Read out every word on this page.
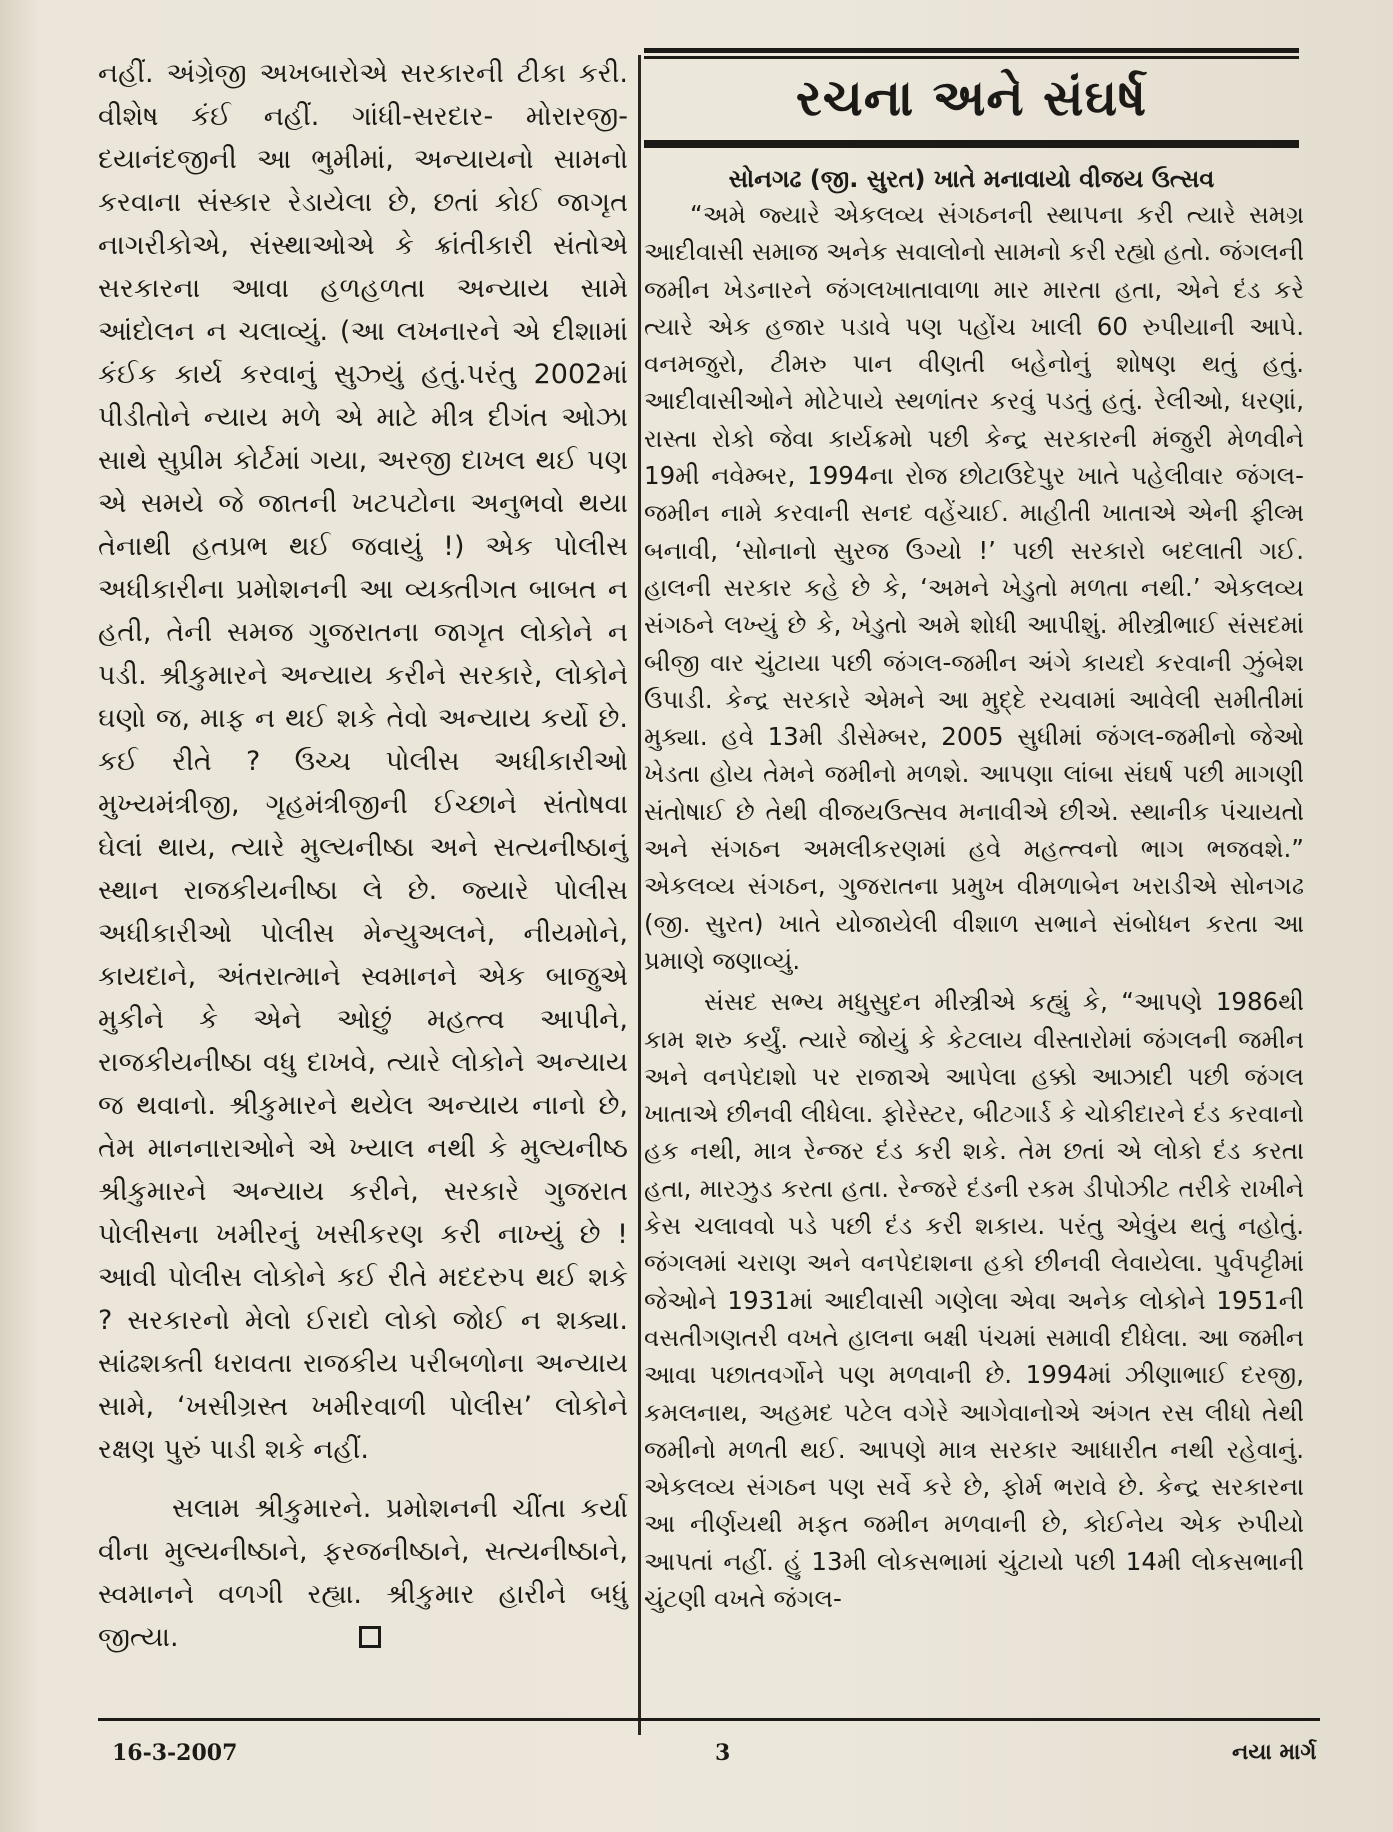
નહીં. અંગ્રેજી અખબારોએ સરકારની ટીકા કરી. વીશેષ કંઈ નહીં. ગાંધી-સરદાર- મોરારજી- દયાનંદજીની આ ભુમીમાં, અન્યાયનો સામનો કરવાના સંસ્કાર રેડાયેલા છે, છતાં કોઈ જાગૃત નાગરીકોએ, સંસ્થાઓએ કે ક્રાંતીકારી સંતોએ સરકારના આવા હળહળતા અન્યાય સામે આંદોલન ન ચલાવ્યું. (આ લખનારને એ દીશામાં કંઈક કાર્ય કરવાનું સુઝ્યું હતું.પરંતુ 2002માં પીડીતોને ન્યાય મળે એ માટે મીત્ર દીગંત ઓઝા સાથે સુપ્રીમ કોર્ટમાં ગયા, અરજી દાખલ થઈ પણ એ સમયે જે જાતની ખટપટોના અનુભવો થયા તેનાથી હતપ્રભ થઈ જવાયું !) એક પોલીસ અધીકારીના પ્રમોશનની આ વ્યક્તીગત બાબત ન હતી, તેની સમજ ગુજરાતના જાગૃત લોકોને ન પડી. શ્રીકુમારને અન્યાય કરીને સરકારે, લોકોને ઘણો જ, માફ ન થઈ શકે તેવો અન્યાય કર્યો છે. કઈ રીતે ? ઉચ્ચ પોલીસ અધીકારીઓ મુખ્યમંત્રીજી, ગૃહમંત્રીજીની ઈચ્છાને સંતોષવા ઘેલાં થાય, ત્યારે મુલ્યનીષ્ઠા અને સત્યનીષ્ઠાનું સ્થાન રાજકીયનીષ્ઠા લે છે. જ્યારે પોલીસ અધીકારીઓ પોલીસ મેન્યુઅલને, નીયમોને, કાયદાને, અંતરાત્માને સ્વમાનને એક બાજુએ મુકીને કે એને ઓછું મહત્ત્વ આપીને, રાજકીયનીષ્ઠા વધુ દાખવે, ત્યારે લોકોને અન્યાય જ થવાનો. શ્રીકુમારને થયેલ અન્યાય નાનો છે, તેમ માનનારાઓને એ ખ્યાલ નથી કે મુલ્યનીષ્ઠ શ્રીકુમારને અન્યાય કરીને, સરકારે ગુજરાત પોલીસના ખમીરનું ખસીકરણ કરી નાખ્યું છે ! આવી પોલીસ લોકોને કઈ રીતે મદદરુપ થઈ શકે ? સરકારનો મેલો ઈરાદો લોકો જોઈ ન શક્યા. સાંઢશક્તી ધરાવતા રાજકીય પરીબળોના અન્યાય સામે, ‘ખસીગ્રસ્ત ખમીરવાળી પોલીસ’ લોકોને રક્ષણ પુરું પાડી શકે નહીં.

સલામ શ્રીકુમારને. પ્રમોશનની ચીંતા કર્યા વીના મુલ્યનીષ્ઠાને, ફરજનીષ્ઠાને, સત્યનીષ્ઠાને, સ્વમાનને વળગી રહ્યા. શ્રીકુમાર હારીને બધું જીત્યા.

રચના અને સંઘર્ષ
સોનગઢ (જી. સુરત) ખાતે મનાવાયો વીજય ઉત્સવ

“અમે જ્યારે એકલવ્ય સંગઠનની સ્થાપના કરી ત્યારે સમગ્ર આદીવાસી સમાજ અનેક સવાલોનો સામનો કરી રહ્યો હતો. જંગલની જમીન ખેડનારને જંગલખાતાવાળા માર મારતા હતા, એને દંડ કરે ત્યારે એક હજાર પડાવે પણ પહોંચ ખાલી 60 રુપીયાની આપે. વનમજુરો, ટીમરુ પાન વીણતી બહેનોનું શોષણ થતું હતું. આદીવાસીઓને મોટેપાયે સ્થળાંતર કરવું પડતું હતું. રેલીઓ, ધરણાં, રાસ્તા રોકો જેવા કાર્યક્રમો પછી કેન્દ્ર સરકારની મંજુરી મેળવીને 19મી નવેમ્બર, 1994ના રોજ છોટાઉદેપુર ખાતે પહેલીવાર જંગલ-જમીન નામે કરવાની સનદ વહેંચાઈ. માહીતી ખાતાએ એની ફીલ્મ બનાવી, ‘સોનાનો સુરજ ઉગ્યો !’ પછી સરકારો બદલાતી ગઈ. હાલની સરકાર કહે છે કે, ‘અમને ખેડુતો મળતા નથી.’ એકલવ્ય સંગઠને લખ્યું છે કે, ખેડુતો અમે શોધી આપીશું. મીસ્ત્રીભાઈ સંસદમાં બીજી વાર ચુંટાયા પછી જંગલ-જમીન અંગે કાયદો કરવાની ઝુંબેશ ઉપાડી. કેન્દ્ર સરકારે એમને આ મુદ્દે રચવામાં આવેલી સમીતીમાં મુક્યા. હવે 13મી ડીસેમ્બર, 2005 સુધીમાં જંગલ-જમીનો જેઓ ખેડતા હોય તેમને જમીનો મળશે. આપણા લાંબા સંઘર્ષ પછી માગણી સંતોષાઈ છે તેથી વીજયઉત્સવ મનાવીએ છીએ. સ્થાનીક પંચાયતો અને સંગઠન અમલીકરણમાં હવે મહત્ત્વનો ભાગ ભજવશે.” એકલવ્ય સંગઠન, ગુજરાતના પ્રમુખ વીમળાબેન ખરાડીએ સોનગઢ (જી. સુરત) ખાતે યોજાયેલી વીશાળ સભાને સંબોધન કરતા આ પ્રમાણે જણાવ્યું.

સંસદ સભ્ય મધુસુદન મીસ્ત્રીએ કહ્યું કે, “આપણે 1986થી કામ શરુ કર્યું. ત્યારે જોયું કે કેટલાય વીસ્તારોમાં જંગલની જમીન અને વનપેદાશો પર રાજાએ આપેલા હક્કો આઝાદી પછી જંગલ ખાતાએ છીનવી લીધેલા. ફોરેસ્ટર, બીટગાર્ડ કે ચોકીદારને દંડ કરવાનો હક નથી, માત્ર રેન્જર દંડ કરી શકે. તેમ છતાં એ લોકો દંડ કરતા હતા, મારઝુડ કરતા હતા. રેન્જરે દંડની રકમ ડીપોઝીટ તરીકે રાખીને કેસ ચલાવવો પડે પછી દંડ કરી શકાય. પરંતુ એવુંય થતું નહોતું. જંગલમાં ચરાણ અને વનપેદાશના હકો છીનવી લેવાયેલા. પુર્વપટ્ટીમાં જેઓને 1931માં આદીવાસી ગણેલા એવા અનેક લોકોને 1951ની વસતીગણતરી વખતે હાલના બક્ષી પંચમાં સમાવી દીધેલા. આ જમીન આવા પછાતવર્ગોને પણ મળવાની છે. 1994માં ઝીણાભાઈ દરજી, કમલનાથ, અહમદ પટેલ વગેરે આગેવાનોએ અંગત રસ લીધો તેથી જમીનો મળતી થઈ. આપણે માત્ર સરકાર આધારીત નથી રહેવાનું. એકલવ્ય સંગઠન પણ સર્વે કરે છે, ફોર્મ ભરાવે છે. કેન્દ્ર સરકારના આ નીર્ણયથી મફત જમીન મળવાની છે, કોઈનેય એક રુપીયો આપતાં નહીં. હું 13મી લોકસભામાં ચુંટાયો પછી 14મી લોકસભાની ચુંટણી વખતે જંગલ-

16-3-2007	3	નયા માર્ગ
